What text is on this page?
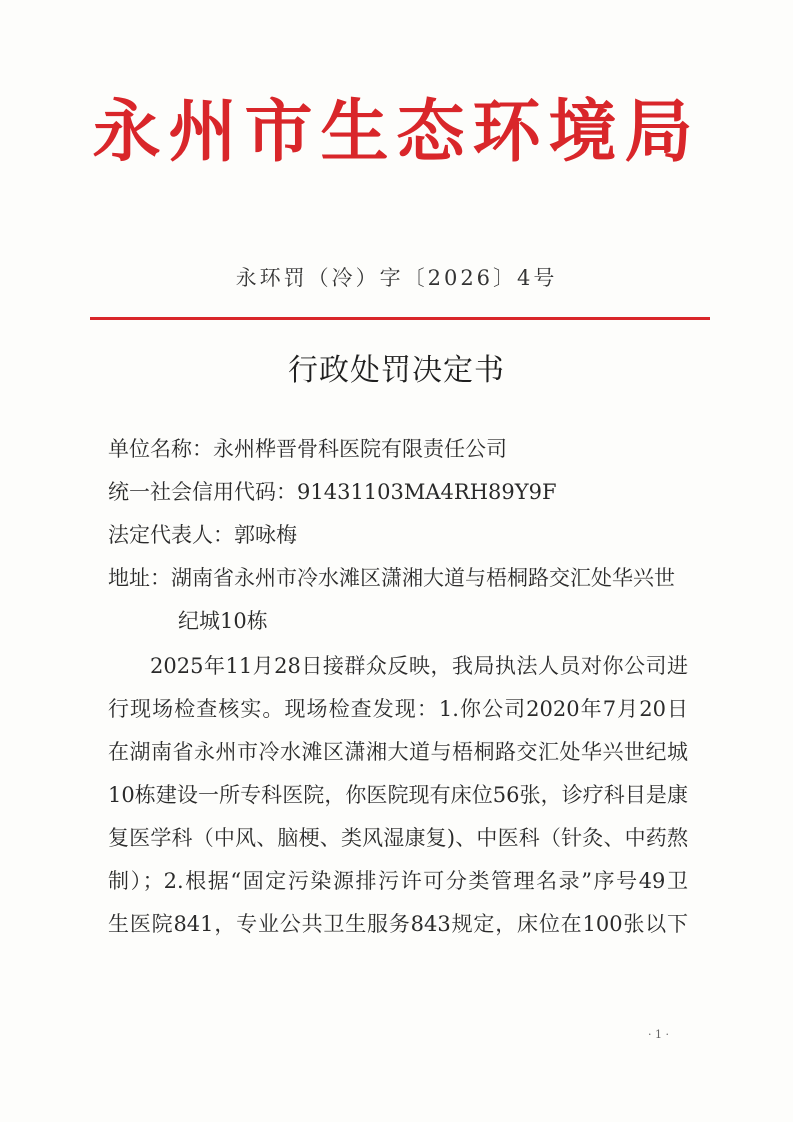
永州市生态环境局
永环罚（冷）字〔2026〕4号
行政处罚决定书
单位名称：永州桦晋骨科医院有限责任公司
统一社会信用代码：91431103MA4RH89Y9F
法定代表人：郭咏梅
地址：湖南省永州市冷水滩区潇湘大道与梧桐路交汇处华兴世
纪城10栋
2025年11月28日接群众反映，我局执法人员对你公司进
行现场检查核实。现场检查发现：1.你公司2020年7月20日
在湖南省永州市冷水滩区潇湘大道与梧桐路交汇处华兴世纪城
10栋建设一所专科医院，你医院现有床位56张，诊疗科目是康
复医学科（中风、脑梗、类风湿康复)、中医科（针灸、中药熬
制）；2.根据“固定污染源排污许可分类管理名录”序号49卫
生医院841，专业公共卫生服务843规定，床位在100张以下
· 1 ·
